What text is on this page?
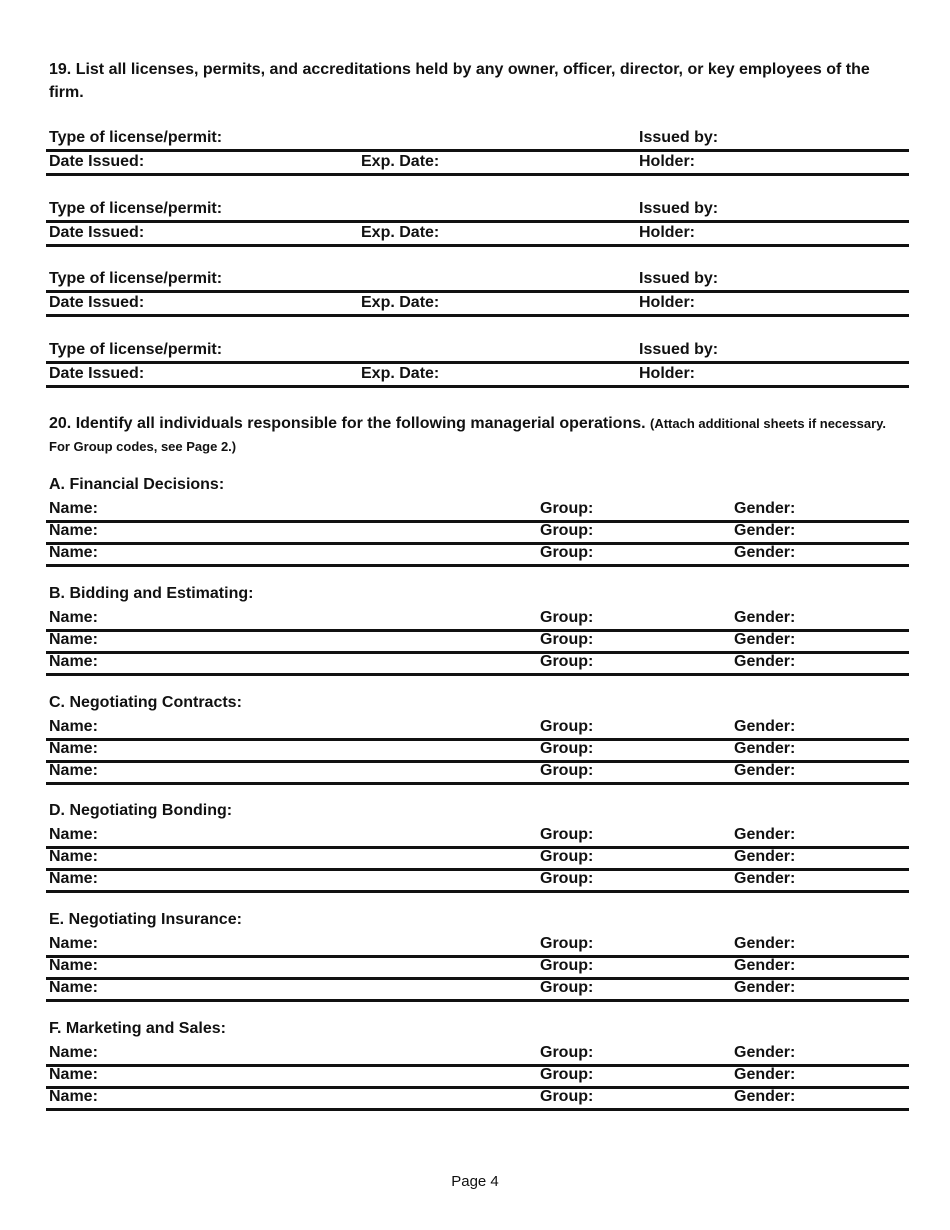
19. List all licenses, permits, and accreditations held by any owner, officer, director, or key employees of the firm.
Type of license/permit:	Issued by:
Date Issued:	Exp. Date:	Holder:
Type of license/permit:	Issued by:
Date Issued:	Exp. Date:	Holder:
Type of license/permit:	Issued by:
Date Issued:	Exp. Date:	Holder:
Type of license/permit:	Issued by:
Date Issued:	Exp. Date:	Holder:
20. Identify all individuals responsible for the following managerial operations. (Attach additional sheets if necessary. For Group codes, see Page 2.)
A. Financial Decisions:
Name:	Group:	Gender:
Name:	Group:	Gender:
Name:	Group:	Gender:
B. Bidding and Estimating:
Name:	Group:	Gender:
Name:	Group:	Gender:
Name:	Group:	Gender:
C. Negotiating Contracts:
Name:	Group:	Gender:
Name:	Group:	Gender:
Name:	Group:	Gender:
D. Negotiating Bonding:
Name:	Group:	Gender:
Name:	Group:	Gender:
Name:	Group:	Gender:
E. Negotiating Insurance:
Name:	Group:	Gender:
Name:	Group:	Gender:
Name:	Group:	Gender:
F. Marketing and Sales:
Name:	Group:	Gender:
Name:	Group:	Gender:
Name:	Group:	Gender:
Page 4
